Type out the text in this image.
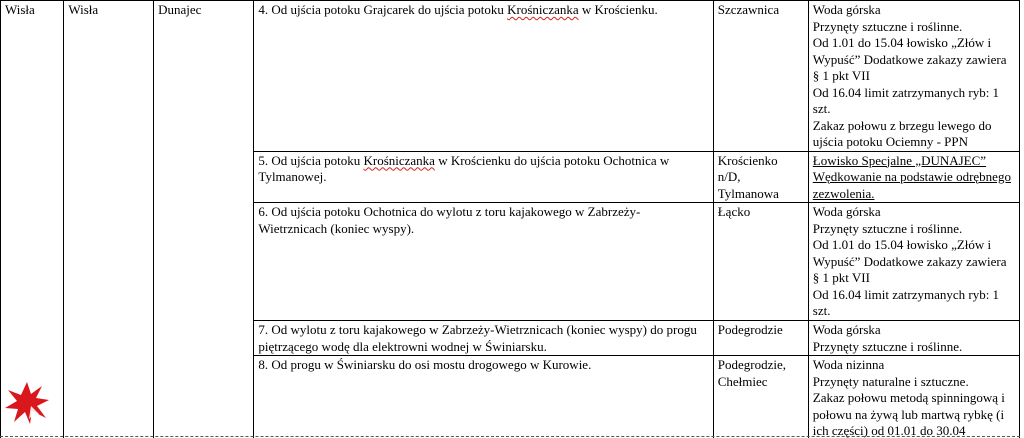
Wisła	Wisła	Dunajec	4. Od ujścia potoku Grajcarek do ujścia potoku Krośniczanka w Krościenku.	Szczawnica	Woda górska
Przynęty sztuczne i roślinne.
Od 1.01 do 15.04 łowisko „Złów i Wypuść” Dodatkowe zakazy zawiera § 1 pkt VII
Od 16.04 limit zatrzymanych ryb: 1 szt.
Zakaz połowu z brzegu lewego do ujścia potoku Ociemny - PPN

			5. Od ujścia potoku Krośniczanka w Krościenku do ujścia potoku Ochotnica w Tylmanowej.	Krościenko n/D, Tylmanowa	Łowisko Specjalne „DUNAJEC”
Wędkowanie na podstawie odrębnego zezwolenia.

			6. Od ujścia potoku Ochotnica do wylotu z toru kajakowego w Zabrzeży-Wietrznicach (koniec wyspy).	Łącko	Woda górska
Przynęty sztuczne i roślinne.
Od 1.01 do 15.04 łowisko „Złów i Wypuść” Dodatkowe zakazy zawiera § 1 pkt VII
Od 16.04 limit zatrzymanych ryb: 1 szt.

			7. Od wylotu z toru kajakowego w Zabrzeży-Wietrznicach (koniec wyspy) do progu piętrzącego wodę dla elektrowni wodnej w Świniarsku.	Podegrodzie	Woda górska
Przynęty sztuczne i roślinne.

			8. Od progu w Świniarsku do osi mostu drogowego w Kurowie.	Podegrodzie, Chełmiec	Woda nizinna
Przynęty naturalne i sztuczne.
Zakaz połowu metodą spinningową i połowu na żywą lub martwą rybkę (i ich części) od 01.01 do 30.04
